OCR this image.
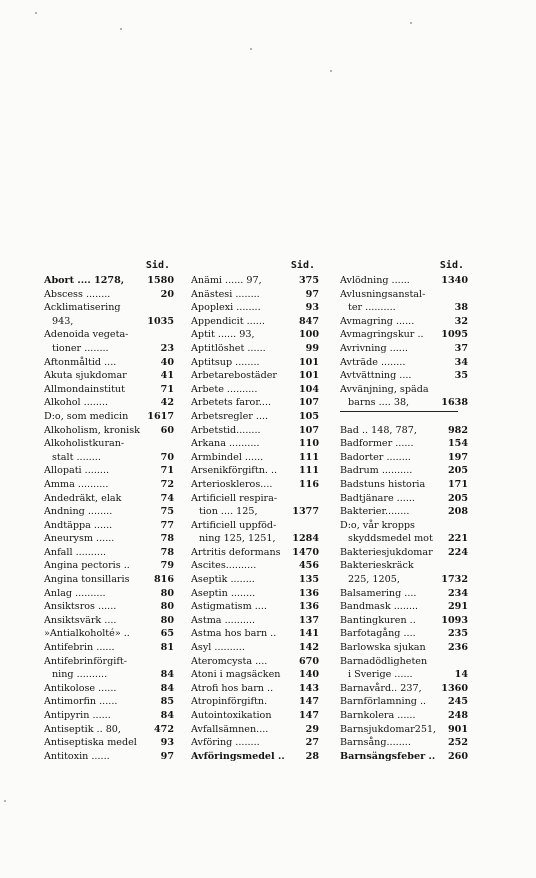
Sid.
Abort .... 1278,	1580
Abscess ........	20
Acklimatisering
943,	1035
Adenoida vegeta-
tioner ........	23
Aftonmåltid ....	40
Akuta sjukdomar	41
Allmondainstitut	71
Alkohol ........	42
D:o, som medicin	1617
Alkoholism, kronisk	60
Alkoholistkuran-
stalt ........	70
Allopati ........	71
Amma ..........	72
Andedräkt, elak	74
Andning ........	75
Andtäppa ......	77
Aneurysm ......	78
Anfall ..........	78
Angina pectoris ..	79
Angina tonsillaris	816
Anlag ..........	80
Ansiktsros ......	80
Ansiktsvärk ....	80
»Antialkoholté» ..	65
Antifebrin ......	81
Antifebrinförgift-
ning ..........	84
Antikolose ......	84
Antimorfin ......	85
Antipyrin ......	84
Antiseptik .. 80,	472
Antiseptiska medel	93
Antitoxin ......	97
Sid.
Anämi ...... 97,	375
Anästesi ........	97
Apoplexi ........	93
Appendicit ......	847
Aptit ...... 93,	100
Aptitlöshet ......	99
Aptitsup ........	101
Arbetarebostäder	101
Arbete ..........	104
Arbetets faror....	107
Arbetsregler ....	105
Arbetstid........	107
Arkana ..........	110
Armbindel ......	111
Arsenikförgiftn. ..	111
Arterioskleros....	116
Artificiell respira-
tion .... 125,	1377
Artificiell uppföd-
ning 125, 1251,	1284
Artritis deformans	1470
Ascites..........	456
Aseptik ........	135
Aseptin ........	136
Astigmatism ....	136
Astma ..........	137
Astma hos barn ..	141
Asyl ..........	142
Ateromcysta ....	670
Atoni i magsäcken	140
Atrofi hos barn ..	143
Atropinförgiftn.	147
Autointoxikation	147
Avfallsämnen....	29
Avföring ........	27
Avföringsmedel ..	28
Sid.
Avlödning ......	1340
Avlusningsanstal-
ter ..........	38
Avmagring ......	32
Avmagringskur ..	1095
Avrivning ......	37
Avträde ........	34
Avtvättning ....	35
Avvänjning, späda
barns .... 38,	1638
Bad .. 148, 787,	982
Badformer ......	154
Badorter ........	197
Badrum ..........	205
Badstuns historia	171
Badtjänare ......	205
Bakterier........	208
D:o, vår kropps
skyddsmedel mot	221
Bakteriesjukdomar	224
Bakterieskräck
225, 1205,	1732
Balsamering ....	234
Bandmask ........	291
Bantingkuren ..	1093
Barfotagång ....	235
Barlowska sjukan	236
Barnadödligheten
i Sverige ......	14
Barnavård.. 237,	1360
Barnförlamning ..	245
Barnkolera ......	248
Barnsjukdomar251,	901
Barnsång........	252
Barnsängsfeber ..	260
